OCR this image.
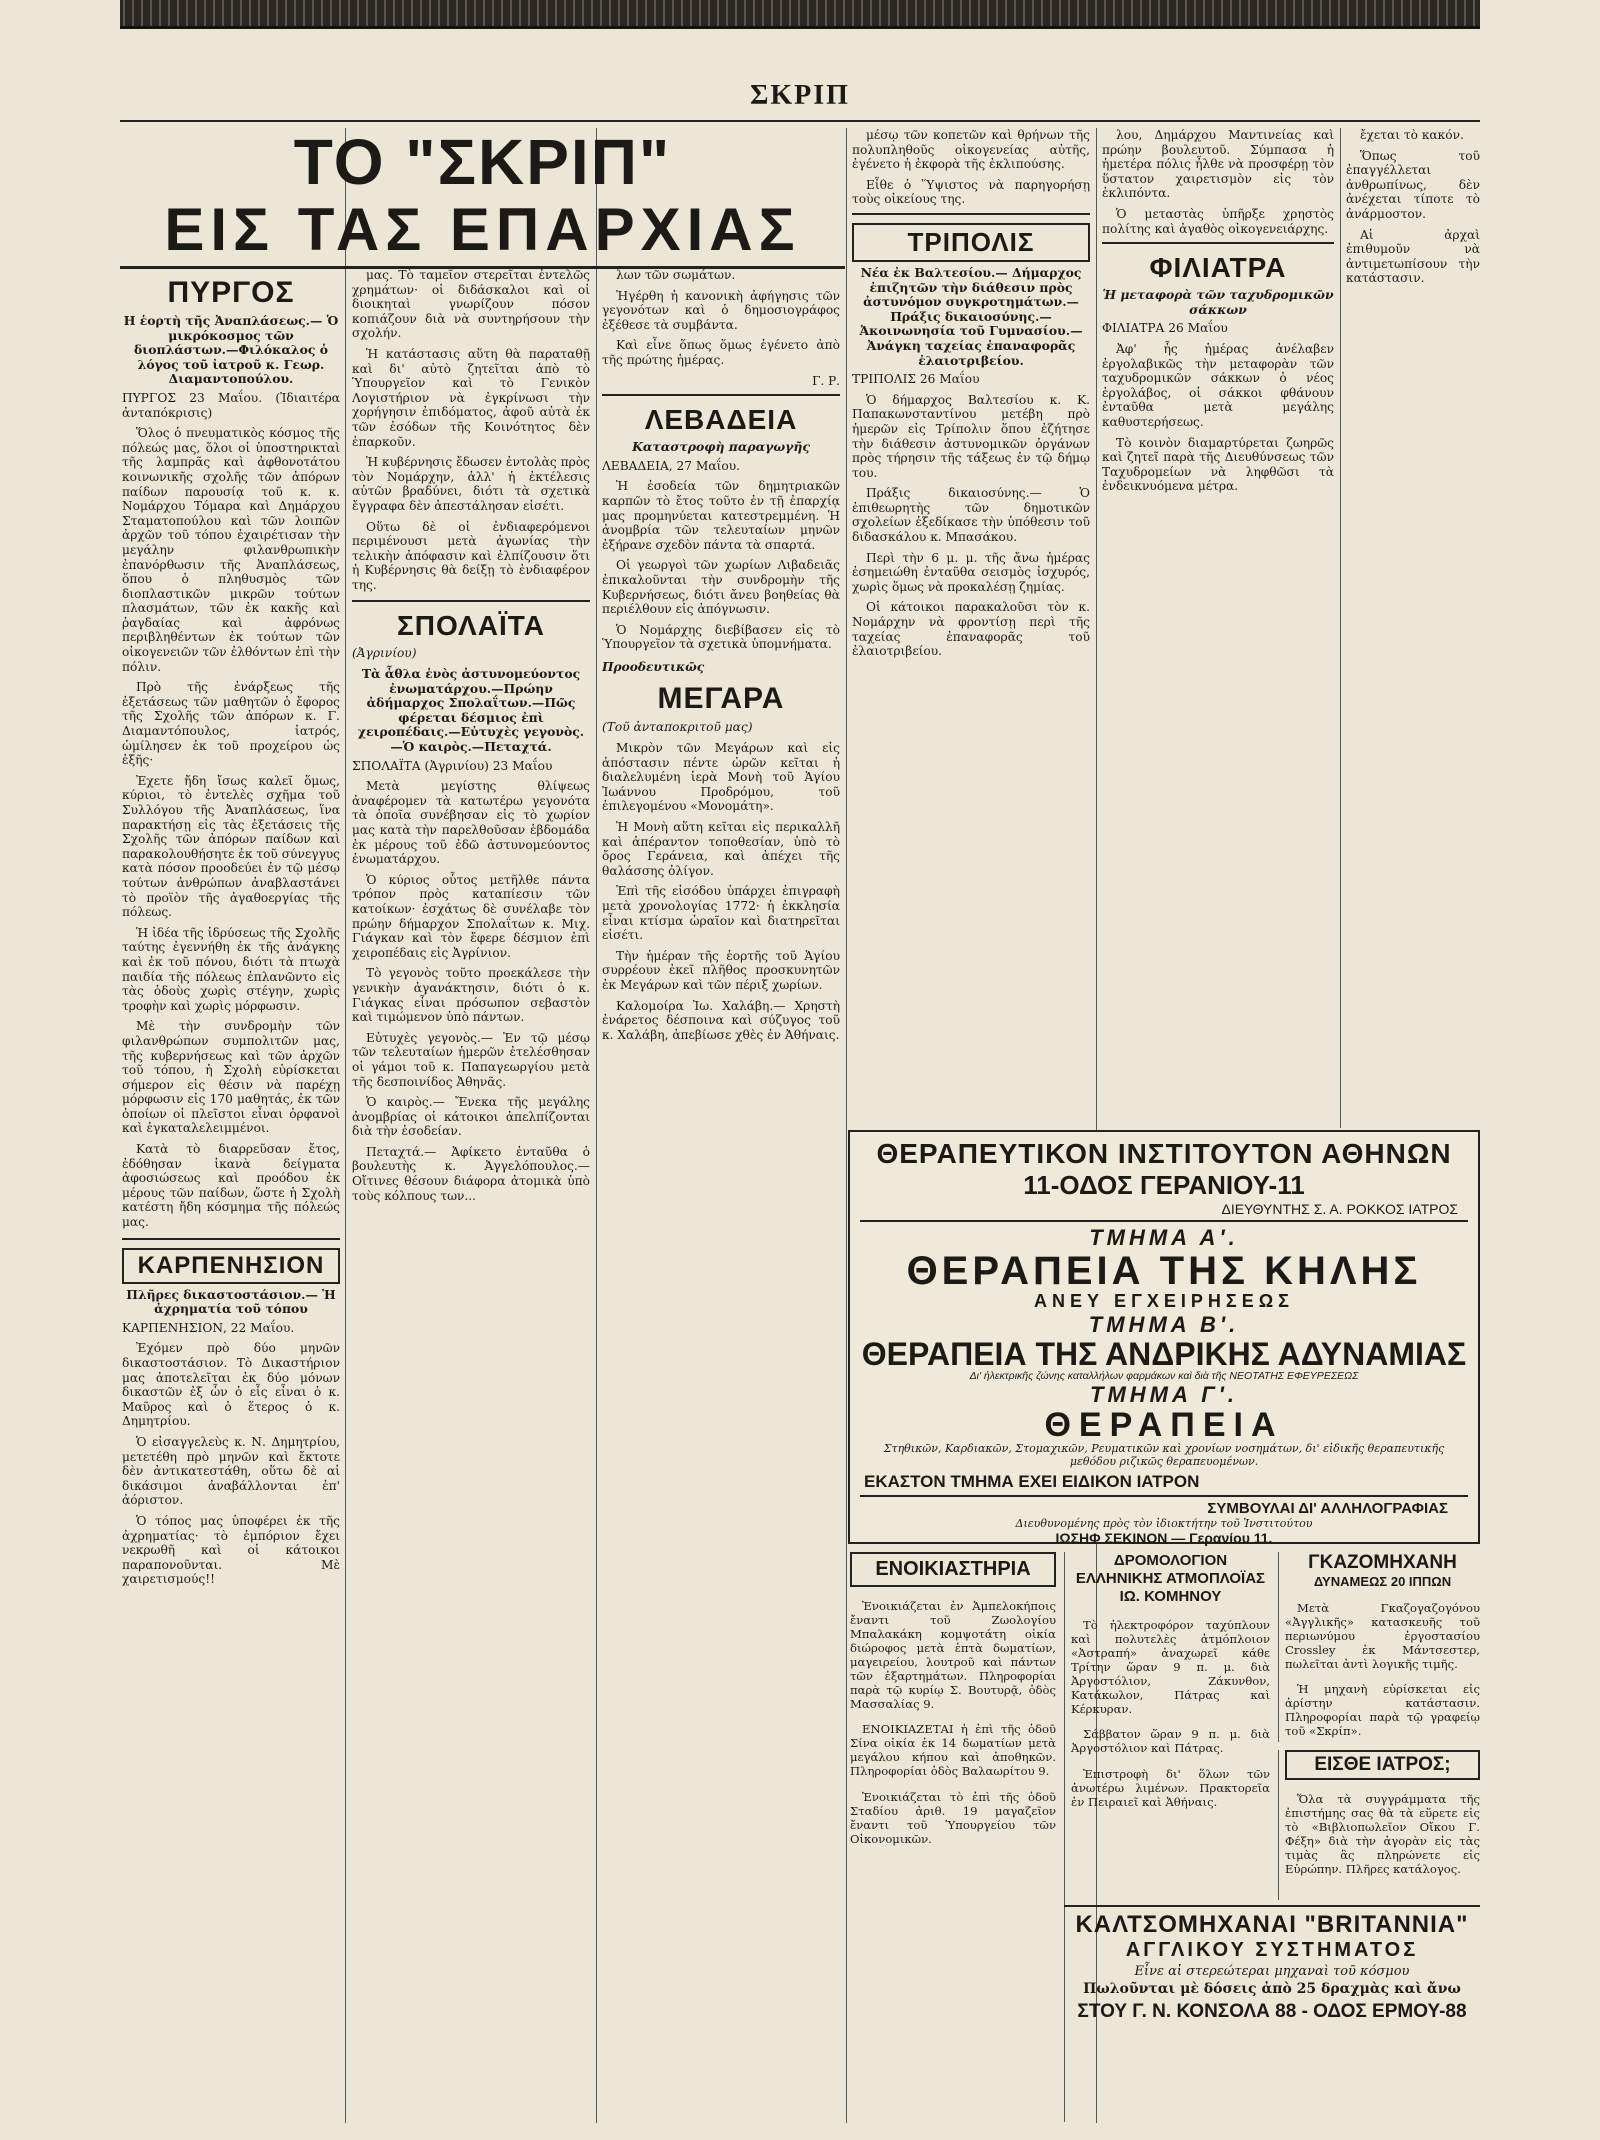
ΣΚΡΙΠ

ΤΟ "ΣΚΡΙΠ"

ΕΙΣ ΤΑΣ ΕΠΑΡΧΙΑΣ

ΠΥΡΓΟΣ
Η ἑορτὴ τῆς Ἀναπλάσεως.— Ὁ μικρόκοσμος τῶν διοπλάστων.—Φιλόκαλος ὁ λόγος τοῦ ἰατροῦ κ. Γεωρ. Διαμαντοπούλου.

ΠΥΡΓΟΣ 23 Μαΐου. (Ἰδιαιτέρα ἀνταπόκρισις)

Ὅλος ὁ πνευματικὸς κόσμος τῆς πόλεώς μας, ὅλοι οἱ ὑποστηρικταὶ τῆς λαμπρᾶς καὶ ἀφθονοτάτου κοινωνικῆς σχολῆς τῶν ἀπόρων παίδων παρουσίᾳ τοῦ κ. κ. Νομάρχου Τόμαρα καὶ Δημάρχου Σταματοπούλου καὶ τῶν λοιπῶν ἀρχῶν τοῦ τόπου ἐχαιρέτισαν τὴν μεγάλην φιλανθρωπικὴν ἐπανόρθωσιν τῆς Ἀναπλάσεως, ὅπου ὁ πληθυσμὸς τῶν διοπλαστικῶν μικρῶν τούτων πλασμάτων, τῶν ἐκ κακῆς καὶ ῥαγδαίας καὶ ἀφρόνως περιβληθέντων ἐκ τούτων τῶν οἰκογενειῶν τῶν ἐλθόντων ἐπὶ τὴν πόλιν.

Πρὸ τῆς ἐνάρξεως τῆς ἐξετάσεως τῶν μαθητῶν ὁ ἔφορος τῆς Σχολῆς τῶν ἀπόρων κ. Γ. Διαμαντόπουλος, ἰατρός, ὡμίλησεν ἐκ τοῦ προχείρου ὡς ἑξῆς·

Ἐχετε ἤδη ἴσως καλεῖ ὅμως, κύριοι, τὸ ἐντελὲς σχῆμα τοῦ Συλλόγου τῆς Ἀναπλάσεως, ἵνα παρακτήσῃ εἰς τὰς ἐξετάσεις τῆς Σχολῆς τῶν ἀπόρων παίδων καὶ παρακολουθήσητε ἐκ τοῦ σύνεγγυς κατὰ πόσον προοδεύει ἐν τῷ μέσῳ τούτων ἀνθρώπων ἀναβλαστάνει τὸ προϊὸν τῆς ἀγαθοεργίας τῆς πόλεως.

Ἡ ἰδέα τῆς ἱδρύσεως τῆς Σχολῆς ταύτης ἐγεννήθη ἐκ τῆς ἀνάγκης καὶ ἐκ τοῦ πόνου, διότι τὰ πτωχὰ παιδία τῆς πόλεως ἐπλανῶντο εἰς τὰς ὁδοὺς χωρὶς στέγην, χωρὶς τροφὴν καὶ χωρὶς μόρφωσιν.

Μὲ τὴν συνδρομὴν τῶν φιλανθρώπων συμπολιτῶν μας, τῆς κυβερνήσεως καὶ τῶν ἀρχῶν τοῦ τόπου, ἡ Σχολὴ εὑρίσκεται σήμερον εἰς θέσιν νὰ παρέχῃ μόρφωσιν εἰς 170 μαθητάς, ἐκ τῶν ὁποίων οἱ πλεῖστοι εἶναι ὀρφανοὶ καὶ ἐγκαταλελειμμένοι.

Κατὰ τὸ διαρρεῦσαν ἔτος, ἐδόθησαν ἱκανὰ δείγματα ἀφοσιώσεως καὶ προόδου ἐκ μέρους τῶν παίδων, ὥστε ἡ Σχολὴ κατέστη ἤδη κόσμημα τῆς πόλεώς μας.

ΚΑΡΠΕΝΗΣΙΟΝ
Πλῆρες δικαστοστάσιον.— Ἡ ἀχρηματία τοῦ τόπου

ΚΑΡΠΕΝΗΣΙΟΝ, 22 Μαΐου.

Ἐχόμεν πρὸ δύο μηνῶν δικαστοστάσιον. Τὸ Δικαστήριον μας ἀποτελεῖται ἐκ δύο μόνων δικαστῶν ἐξ ὧν ὁ εἷς εἶναι ὁ κ. Μαῦρος καὶ ὁ ἕτερος ὁ κ. Δημητρίου.

Ὁ εἰσαγγελεὺς κ. Ν. Δημητρίου, μετετέθη πρὸ μηνῶν καὶ ἔκτοτε δὲν ἀντικατεστάθη, οὕτω δὲ αἱ δικάσιμοι ἀναβάλλονται ἐπ' ἀόριστον.

Ὁ τόπος μας ὑποφέρει ἐκ τῆς ἀχρηματίας· τὸ ἐμπόριον ἔχει νεκρωθῆ καὶ οἱ κάτοικοι παραπονοῦνται. Μὲ χαιρετισμούς!!

μας. Τὸ ταμεῖον στερεῖται ἐντελῶς χρημάτων· οἱ διδάσκαλοι καὶ οἱ διοικηταὶ γνωρίζουν πόσον κοπιάζουν διὰ νὰ συντηρήσουν τὴν σχολήν.

Ἡ κατάστασις αὕτη θὰ παραταθῇ καὶ δι' αὐτὸ ζητεῖται ἀπὸ τὸ Ὑπουργεῖον καὶ τὸ Γενικὸν Λογιστήριον νὰ ἐγκρίνωσι τὴν χορήγησιν ἐπιδόματος, ἀφοῦ αὐτὰ ἐκ τῶν ἐσόδων τῆς Κοινότητος δὲν ἐπαρκοῦν.

Ἡ κυβέρνησις ἔδωσεν ἐντολὰς πρὸς τὸν Νομάρχην, ἀλλ' ἡ ἐκτέλεσις αὐτῶν βραδύνει, διότι τὰ σχετικὰ ἔγγραφα δὲν ἀπεστάλησαν εἰσέτι.

Οὕτω δὲ οἱ ἐνδιαφερόμενοι περιμένουσι μετὰ ἀγωνίας τὴν τελικὴν ἀπόφασιν καὶ ἐλπίζουσιν ὅτι ἡ Κυβέρνησις θὰ δείξῃ τὸ ἐνδιαφέρον της.

ΣΠΟΛΑΪΤΑ

(Ἀγρινίου)

Τὰ ἆθλα ἑνὸς ἀστυνομεύοντος ἐνωματάρχου.—Πρώην ἀδήμαρχος Σπολαΐτων.—Πῶς φέρεται δέσμιος ἐπὶ χειροπέδαις.—Εὐτυχὲς γεγονὸς.—Ὁ καιρὸς.—Πεταχτά.

ΣΠΟΛΑΪΤΑ (Ἀγρινίου) 23 Μαΐου

Μετὰ μεγίστης θλίψεως ἀναφέρομεν τὰ κατωτέρω γεγονότα τὰ ὁποῖα συνέβησαν εἰς τὸ χωρίον μας κατὰ τὴν παρελθοῦσαν ἑβδομάδα ἐκ μέρους τοῦ ἐδῶ ἀστυνομεύοντος ἐνωματάρχου.

Ὁ κύριος οὗτος μετῆλθε πάντα τρόπον πρὸς καταπίεσιν τῶν κατοίκων· ἐσχάτως δὲ συνέλαβε τὸν πρώην δήμαρχον Σπολαΐτων κ. Μιχ. Γιάγκαν καὶ τὸν ἔφερε δέσμιον ἐπὶ χειροπέδαις εἰς Ἀγρίνιον.

Τὸ γεγονὸς τοῦτο προεκάλεσε τὴν γενικὴν ἀγανάκτησιν, διότι ὁ κ. Γιάγκας εἶναι πρόσωπον σεβαστὸν καὶ τιμώμενον ὑπὸ πάντων.

Εὐτυχὲς γεγονὸς.— Ἐν τῷ μέσῳ τῶν τελευταίων ἡμερῶν ἐτελέσθησαν οἱ γάμοι τοῦ κ. Παπαγεωργίου μετὰ τῆς δεσποινίδος Ἀθηνᾶς.

Ὁ καιρὸς.— Ἔνεκα τῆς μεγάλης ἀνομβρίας οἱ κάτοικοι ἀπελπίζονται διὰ τὴν ἐσοδείαν.

Πεταχτά.— Ἀφίκετο ἐνταῦθα ὁ βουλευτὴς κ. Ἀγγελόπουλος.— Οἴτινες θέσουν διάφορα ἀτομικὰ ὑπὸ τοὺς κόλπους των...

λων τῶν σωμάτων.

Ἠγέρθη ἡ κανονικὴ ἀφήγησις τῶν γεγονότων καὶ ὁ δημοσιογράφος ἐξέθεσε τὰ συμβάντα.

Καὶ εἶνε ὅπως ὅμως ἐγένετο ἀπὸ τῆς πρώτης ἡμέρας.

Γ. Ρ.

ΛΕΒΑΔΕΙΑ
Καταστροφὴ παραγωγῆς

ΛΕΒΑΔΕΙΑ, 27 Μαΐου.

Ἡ ἐσοδεία τῶν δημητριακῶν καρπῶν τὸ ἔτος τοῦτο ἐν τῇ ἐπαρχίᾳ μας προμηνύεται κατεστρεμμένη. Ἡ ἀνομβρία τῶν τελευταίων μηνῶν ἐξήρανε σχεδὸν πάντα τὰ σπαρτά.

Οἱ γεωργοὶ τῶν χωρίων Λιβαδειᾶς ἐπικαλοῦνται τὴν συνδρομὴν τῆς Κυβερνήσεως, διότι ἄνευ βοηθείας θὰ περιέλθουν εἰς ἀπόγνωσιν.

Ὁ Νομάρχης διεβίβασεν εἰς τὸ Ὑπουργεῖον τὰ σχετικὰ ὑπομνήματα.

Προοδευτικῶς

ΜΕΓΑΡΑ

(Τοῦ ἀνταποκριτοῦ μας)

Μικρὸν τῶν Μεγάρων καὶ εἰς ἀπόστασιν πέντε ὡρῶν κεῖται ἡ διαλελυμένη ἱερὰ Μονὴ τοῦ Ἁγίου Ἰωάννου Προδρόμου, τοῦ ἐπιλεγομένου «Μονομάτη».

Ἡ Μονὴ αὕτη κεῖται εἰς περικαλλῆ καὶ ἀπέραντον τοποθεσίαν, ὑπὸ τὸ ὄρος Γεράνεια, καὶ ἀπέχει τῆς θαλάσσης ὀλίγον.

Ἐπὶ τῆς εἰσόδου ὑπάρχει ἐπιγραφὴ μετὰ χρονολογίας 1772· ἡ ἐκκλησία εἶναι κτίσμα ὡραῖον καὶ διατηρεῖται εἰσέτι.

Τὴν ἡμέραν τῆς ἑορτῆς τοῦ Ἁγίου συρρέουν ἐκεῖ πλῆθος προσκυνητῶν ἐκ Μεγάρων καὶ τῶν πέριξ χωρίων.

Καλομοίρα Ἰω. Χαλάβη.— Χρηστὴ ἐνάρετος δέσποινα καὶ σύζυγος τοῦ κ. Χαλάβη, ἀπεβίωσε χθὲς ἐν Ἀθήναις.

μέσῳ τῶν κοπετῶν καὶ θρήνων τῆς πολυπληθοῦς οἰκογενείας αὐτῆς, ἐγένετο ἡ ἐκφορὰ τῆς ἐκλιπούσης.

Εἶθε ὁ Ὕψιστος νὰ παρηγορήσῃ τοὺς οἰκείους της.

ΤΡΙΠΟΛΙΣ
Νέα ἐκ Βαλτεσίου.— Δήμαρχος ἐπιζητῶν τὴν διάθεσιν πρὸς ἀστυνόμον συγκροτημάτων.— Πράξις δικαιοσύνης.— Ἀκοινωνησία τοῦ Γυμνασίου.— Ἀνάγκη ταχείας ἐπαναφορᾶς ἐλαιοτριβείου.

ΤΡΙΠΟΛΙΣ 26 Μαΐου

Ὁ δήμαρχος Βαλτεσίου κ. Κ. Παπακωνσταντίνου μετέβη πρὸ ἡμερῶν εἰς Τρίπολιν ὅπου ἐζήτησε τὴν διάθεσιν ἀστυνομικῶν ὀργάνων πρὸς τήρησιν τῆς τάξεως ἐν τῷ δήμῳ του.

Πράξις δικαιοσύνης.— Ὁ ἐπιθεωρητὴς τῶν δημοτικῶν σχολείων ἐξεδίκασε τὴν ὑπόθεσιν τοῦ διδασκάλου κ. Μπασάκου.

Περὶ τὴν 6 μ. μ. τῆς ἄνω ἡμέρας ἐσημειώθη ἐνταῦθα σεισμὸς ἰσχυρός, χωρὶς ὅμως νὰ προκαλέσῃ ζημίας.

Οἱ κάτοικοι παρακαλοῦσι τὸν κ. Νομάρχην νὰ φροντίσῃ περὶ τῆς ταχείας ἐπαναφορᾶς τοῦ ἐλαιοτριβείου.

λου, Δημάρχου Μαντινείας καὶ πρώην βουλευτοῦ. Σύμπασα ἡ ἡμετέρα πόλις ἦλθε νὰ προσφέρῃ τὸν ὕστατον χαιρετισμὸν εἰς τὸν ἐκλιπόντα.

Ὁ μεταστὰς ὑπῆρξε χρηστὸς πολίτης καὶ ἀγαθὸς οἰκογενειάρχης.

ΦΙΛΙΑΤΡΑ
Ἡ μεταφορὰ τῶν ταχυδρομικῶν σάκκων

ΦΙΛΙΑΤΡΑ 26 Μαΐου

Ἀφ' ἧς ἡμέρας ἀνέλαβεν ἐργολαβικῶς τὴν μεταφορὰν τῶν ταχυδρομικῶν σάκκων ὁ νέος ἐργολάβος, οἱ σάκκοι φθάνουν ἐνταῦθα μετὰ μεγάλης καθυστερήσεως.

Τὸ κοινὸν διαμαρτύρεται ζωηρῶς καὶ ζητεῖ παρὰ τῆς Διευθύνσεως τῶν Ταχυδρομείων νὰ ληφθῶσι τὰ ἐνδεικνυόμενα μέτρα.

ἔχεται τὸ κακόν.

Ὅπως τοῦ ἐπαγγέλλεται ἀνθρωπίνως, δὲν ἀνέχεται τίποτε τὸ ἀνάρμοστον.

Αἱ ἀρχαὶ ἐπιθυμοῦν νὰ ἀντιμετωπίσουν τὴν κατάστασιν.

ΘΕΡΑΠΕΥΤΙΚΟΝ ΙΝΣΤΙΤΟΥΤΟΝ ΑΘΗΝΩΝ

11-ΟΔΟΣ ΓΕΡΑΝΙΟΥ-11

ΔΙΕΥΘΥΝΤΗΣ Σ. Α. ΡΟΚΚΟΣ ΙΑΤΡΟΣ

ΤΜΗΜΑ Α'.

ΘΕΡΑΠΕΙΑ ΤΗΣ ΚΗΛΗΣ

ΑΝΕΥ ΕΓΧΕΙΡΗΣΕΩΣ

ΤΜΗΜΑ Β'.

ΘΕΡΑΠΕΙΑ ΤΗΣ ΑΝΔΡΙΚΗΣ ΑΔΥΝΑΜΙΑΣ

Δι' ἠλεκτρικῆς ζώνης καταλλήλων φαρμάκων καὶ διὰ τῆς ΝΕΟΤΑΤΗΣ ΕΦΕΥΡΕΣΕΩΣ

ΤΜΗΜΑ Γ'.

ΘΕΡΑΠΕΙΑ

Στηθικῶν, Καρδιακῶν, Στομαχικῶν, Ρευματικῶν καὶ χρονίων νοσημάτων, δι' εἰδικῆς θεραπευτικῆς μεθόδου ριζικῶς θεραπευομένων.

ΕΚΑΣΤΟΝ ΤΜΗΜΑ ΕΧΕΙ ΕΙΔΙΚΟΝ ΙΑΤΡΟΝ

ΣΥΜΒΟΥΛΑΙ ΔΙ' ΑΛΛΗΛΟΓΡΑΦΙΑΣ

Διευθυνομένης πρὸς τὸν ἰδιοκτήτην τοῦ Ἰνστιτούτου

ΙΩΣΗΦ ΣΕΚΙΝΟΝ — Γερανίου 11.

ΕΝΟΙΚΙΑΣΤΗΡΙΑ

Ἐνοικιάζεται ἐν Ἀμπελοκήποις ἔναντι τοῦ Ζωολογίου Μπαλακάκη κομψοτάτη οἰκία διώροφος μετὰ ἑπτὰ δωματίων, μαγειρείου, λουτροῦ καὶ πάντων τῶν ἐξαρτημάτων. Πληροφορίαι παρὰ τῷ κυρίῳ Σ. Βουτυρᾷ, ὁδὸς Μασσαλίας 9.

ΕΝΟΙΚΙΑΖΕΤΑΙ ἡ ἐπὶ τῆς ὁδοῦ Σίνα οἰκία ἐκ 14 δωματίων μετὰ μεγάλου κήπου καὶ ἀποθηκῶν. Πληροφορίαι ὁδὸς Βαλαωρίτου 9.

Ἐνοικιάζεται τὸ ἐπὶ τῆς ὁδοῦ Σταδίου ἀριθ. 19 μαγαζεῖον ἔναντι τοῦ Ὑπουργείου τῶν Οἰκονομικῶν.

ΔΡΟΜΟΛΟΓΙΟΝ ΕΛΛΗΝΙΚΗΣ ΑΤΜΟΠΛΟΪΑΣ ΙΩ. ΚΟΜΗΝΟΥ

Τὸ ἠλεκτροφόρον ταχύπλουν καὶ πολυτελὲς ἀτμόπλοιον «Ἀστραπή» ἀναχωρεῖ κάθε Τρίτην ὥραν 9 π. μ. διὰ Ἀργοστόλιον, Ζάκυνθον, Κατάκωλον, Πάτρας καὶ Κέρκυραν.

Σάββατον ὥραν 9 π. μ. διὰ Ἀργοστόλιον καὶ Πάτρας.

Ἐπιστροφὴ δι' ὅλων τῶν ἀνωτέρω λιμένων. Πρακτορεῖα ἐν Πειραιεῖ καὶ Ἀθήναις.

ΓΚΑΖΟΜΗΧΑΝΗ
ΔΥΝΑΜΕΩΣ 20 ΙΠΠΩΝ

Μετὰ Γκαζογαζογόνου «Ἀγγλικῆς» κατασκευῆς τοῦ περιωνύμου ἐργοστασίου Crossley ἐκ Μάντσεστερ, πωλεῖται ἀντὶ λογικῆς τιμῆς.

Ἡ μηχανὴ εὑρίσκεται εἰς ἀρίστην κατάστασιν. Πληροφορίαι παρὰ τῷ γραφείῳ τοῦ «Σκρίπ».

ΕΙΣΘΕ ΙΑΤΡΟΣ;

Ὅλα τὰ συγγράμματα τῆς ἐπιστήμης σας θὰ τὰ εὕρετε εἰς τὸ «Βιβλιοπωλεῖον Οἴκου Γ. Φέξη» διὰ τὴν ἀγορὰν εἰς τὰς τιμὰς ἃς πληρώνετε εἰς Εὐρώπην. Πλῆρες κατάλογος.

ΚΑΛΤΣΟΜΗΧΑΝΑΙ "BRITANNIA"
ΑΓΓΛΙΚΟΥ ΣΥΣΤΗΜΑΤΟΣ

Εἶνε αἱ στερεώτεραι μηχαναὶ τοῦ κόσμου

Πωλοῦνται μὲ δόσεις ἀπὸ 25 δραχμὰς καὶ ἄνω

ΣΤΟΥ Γ. Ν. ΚΟΝΣΟΛΑ 88 - ΟΔΟΣ ΕΡΜΟΥ-88
